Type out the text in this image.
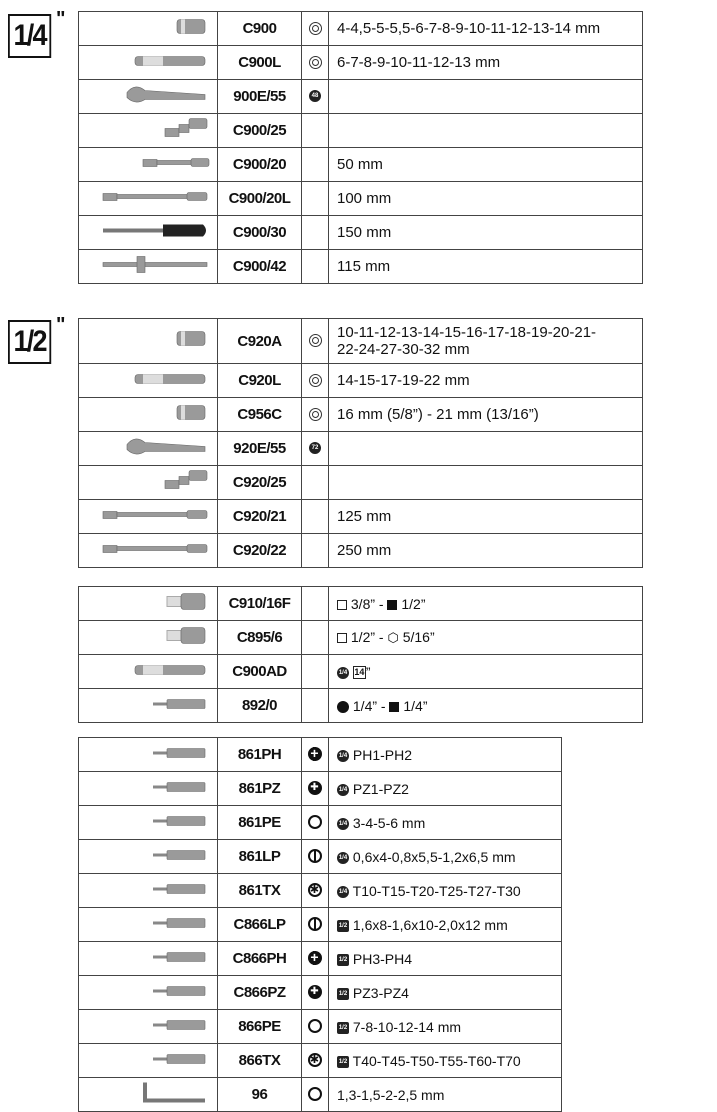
1/4 "
		C900		4-4,5-5-5,5-6-7-8-9-10-11-12-13-14 mm

	C900L		6-7-8-9-10-11-12-13 mm

	900E/55	48	

	C900/25		

	C900/20		50 mm

	C900/20L		100 mm

	C900/30		150 mm

	C900/42		115 mm
1/2 "
	C920A		10-11-12-13-14-15-16-17-18-19-20-21-
22-24-27-30-32 mm

	C920L		14-15-17-19-22 mm

	C956C		16 mm (5/8”) - 21 mm (13/16”)

	920E/55	72	

	C920/25		

	C920/21		125 mm

	C920/22		250 mm
	C910/16F		3/8” -  1/2”

	C895/6		1/2” - ⬡ 5/16”

	C900AD		1/4 14 ”

	892/0		1/4” -  1/4”
	861PH	+	1/4 PH1-PH2

	861PZ	✚	1/4 PZ1-PZ2

	861PE		1/4 3-4-5-6 mm

	861LP		1/4 0,6x4-0,8x5,5-1,2x6,5 mm

	861TX	✱	1/4 T10-T15-T20-T25-T27-T30

	C866LP		1/2 1,6x8-1,6x10-2,0x12 mm

	C866PH	+	1/2 PH3-PH4

	C866PZ	✚	1/2 PZ3-PZ4

	866PE		1/2 7-8-10-12-14 mm

	866TX	✱	1/2 T40-T45-T50-T55-T60-T70

	96		1,3-1,5-2-2,5 mm
